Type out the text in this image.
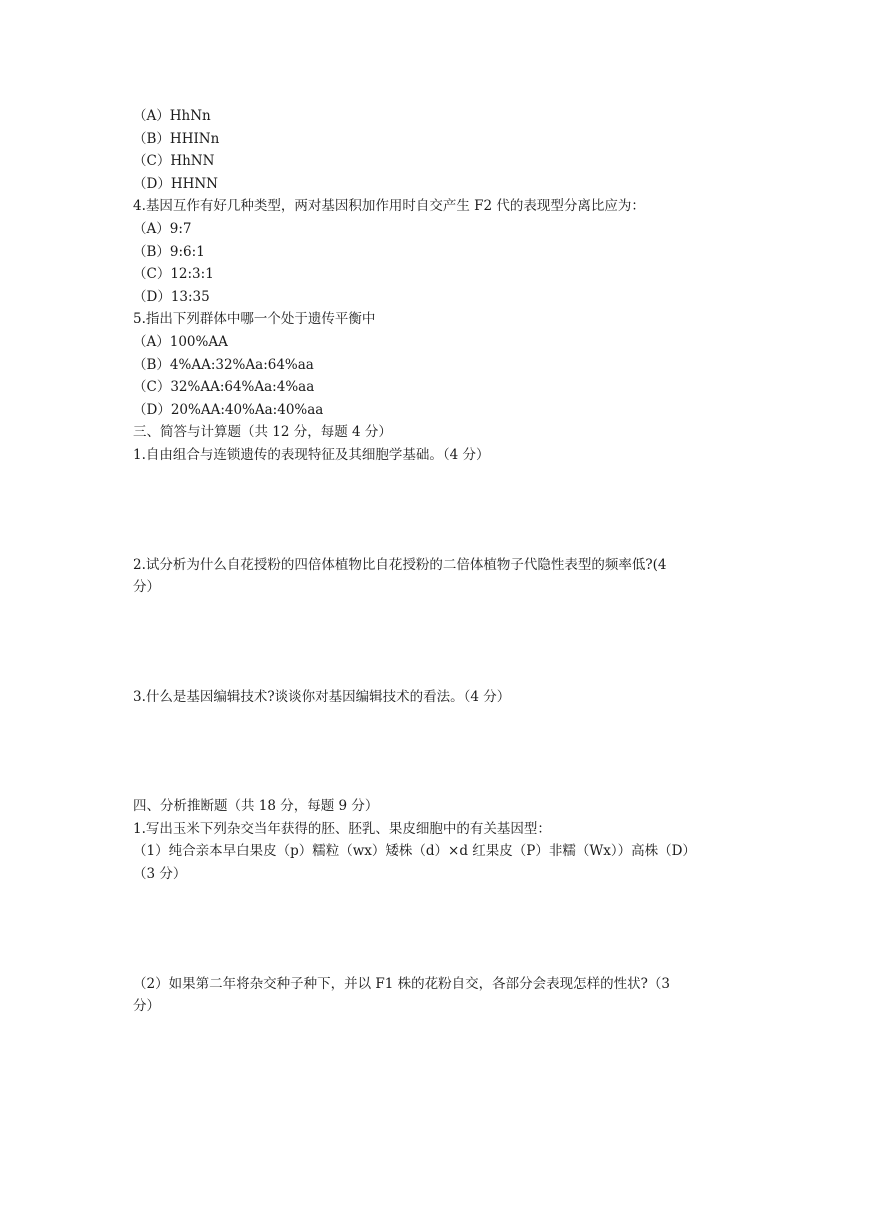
（A）HhNn

（B）HHINn

（C）HhNN

（D）HHNN

4.基因互作有好几种类型，两对基因积加作用时自交产生 F2 代的表现型分离比应为：

（A）9:7

（B）9:6:1

（C）12:3:1

（D）13:35

5.指出下列群体中哪一个处于遗传平衡中

（A）100%AA

（B）4%AA:32%Aa:64%aa

（C）32%AA:64%Aa:4%aa

（D）20%AA:40%Aa:40%aa

三、简答与计算题（共 12 分，每题 4 分）

1.自由组合与连锁遗传的表现特征及其细胞学基础。（4 分）

2.试分析为什么自花授粉的四倍体植物比自花授粉的二倍体植物子代隐性表型的频率低?(4

分）

3.什么是基因编辑技术?谈谈你对基因编辑技术的看法。（4 分）

四、分析推断题（共 18 分，每题 9 分）

1.写出玉米下列杂交当年获得的胚、胚乳、果皮细胞中的有关基因型：

（1）纯合亲本早白果皮（p）糯粒（wx）矮株（d）×d 红果皮（P）非糯（Wx））高株（D）

（3 分）

（2）如果第二年将杂交种子种下，并以 F1 株的花粉自交，各部分会表现怎样的性状?（3

分）
